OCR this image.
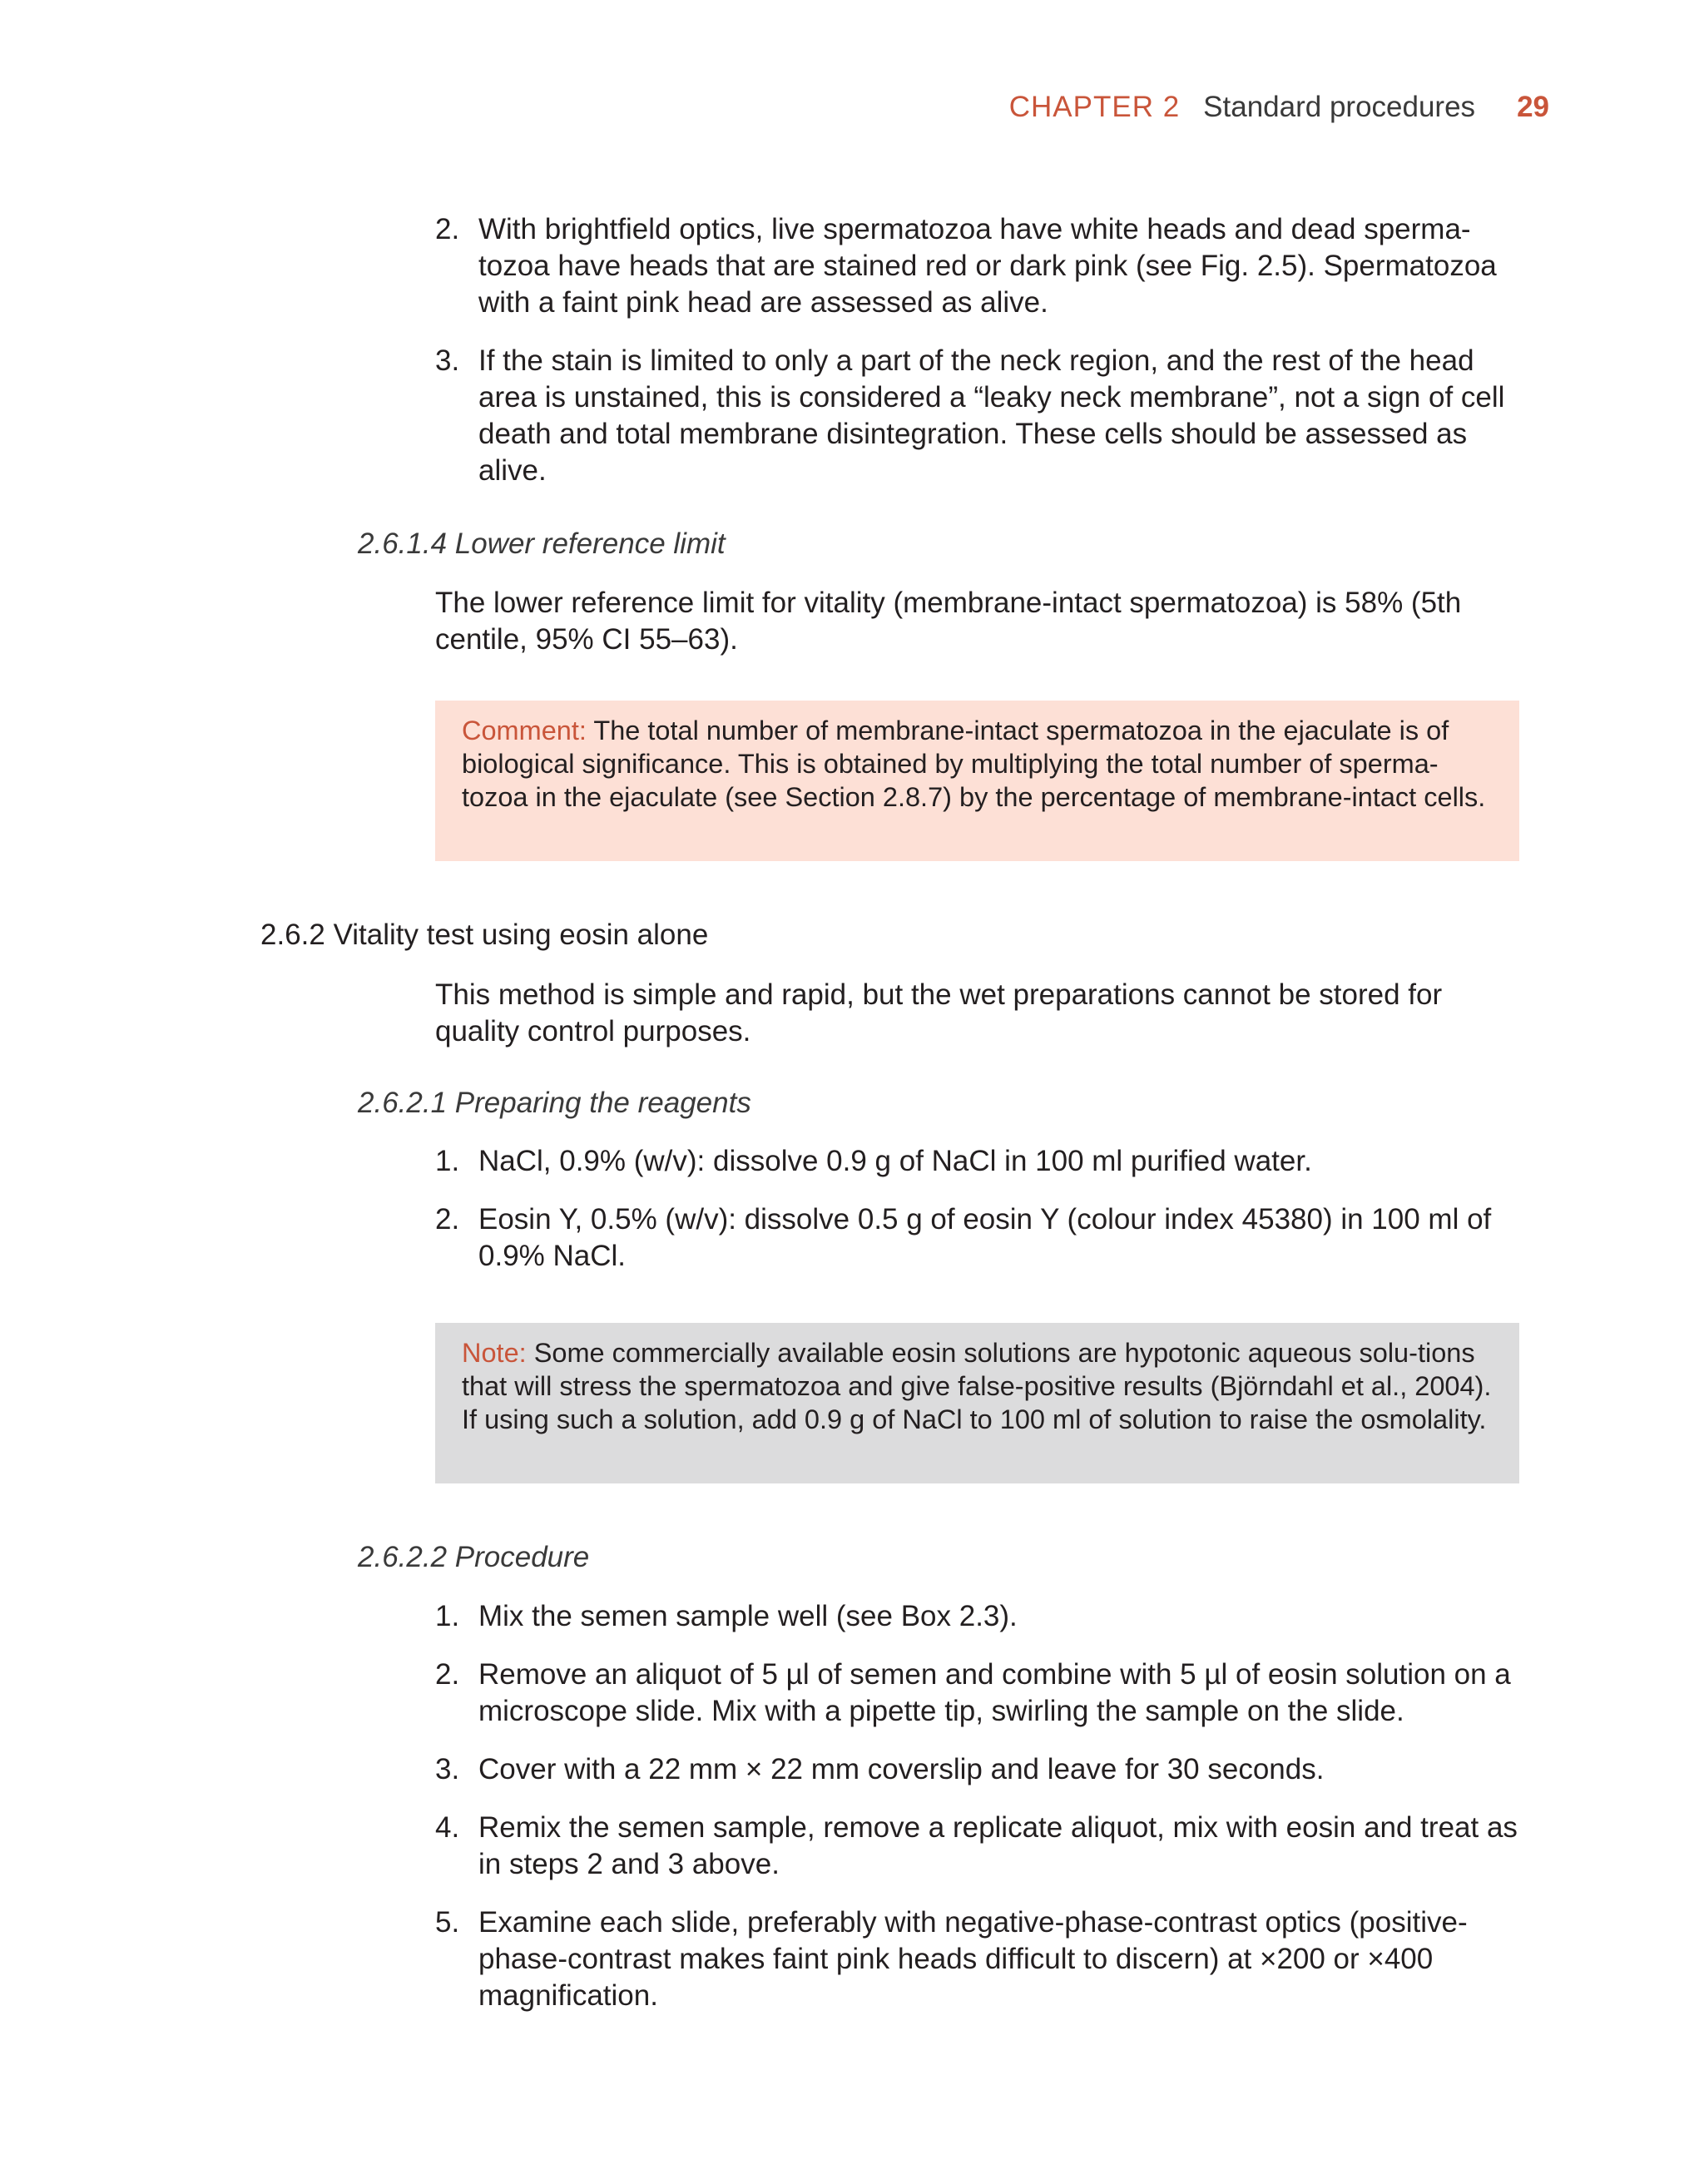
CHAPTER 2 Standard procedures 29
2. With brightfield optics, live spermatozoa have white heads and dead sperma-tozoa have heads that are stained red or dark pink (see Fig. 2.5). Spermatozoa with a faint pink head are assessed as alive.
3. If the stain is limited to only a part of the neck region, and the rest of the head area is unstained, this is considered a “leaky neck membrane”, not a sign of cell death and total membrane disintegration. These cells should be assessed as alive.
2.6.1.4 Lower reference limit
The lower reference limit for vitality (membrane-intact spermatozoa) is 58% (5th centile, 95% CI 55–63).
Comment: The total number of membrane-intact spermatozoa in the ejaculate is of biological significance. This is obtained by multiplying the total number of sperma-tozoa in the ejaculate (see Section 2.8.7) by the percentage of membrane-intact cells.
2.6.2 Vitality test using eosin alone
This method is simple and rapid, but the wet preparations cannot be stored for quality control purposes.
2.6.2.1 Preparing the reagents
1. NaCl, 0.9% (w/v): dissolve 0.9 g of NaCl in 100 ml purified water.
2. Eosin Y, 0.5% (w/v): dissolve 0.5 g of eosin Y (colour index 45380) in 100 ml of 0.9% NaCl.
Note: Some commercially available eosin solutions are hypotonic aqueous solu-tions that will stress the spermatozoa and give false-positive results (Björndahl et al., 2004). If using such a solution, add 0.9 g of NaCl to 100 ml of solution to raise the osmolality.
2.6.2.2 Procedure
1. Mix the semen sample well (see Box 2.3).
2. Remove an aliquot of 5 µl of semen and combine with 5 µl of eosin solution on a microscope slide. Mix with a pipette tip, swirling the sample on the slide.
3. Cover with a 22 mm × 22 mm coverslip and leave for 30 seconds.
4. Remix the semen sample, remove a replicate aliquot, mix with eosin and treat as in steps 2 and 3 above.
5. Examine each slide, preferably with negative-phase-contrast optics (positive-phase-contrast makes faint pink heads difficult to discern) at ×200 or ×400 magnification.
